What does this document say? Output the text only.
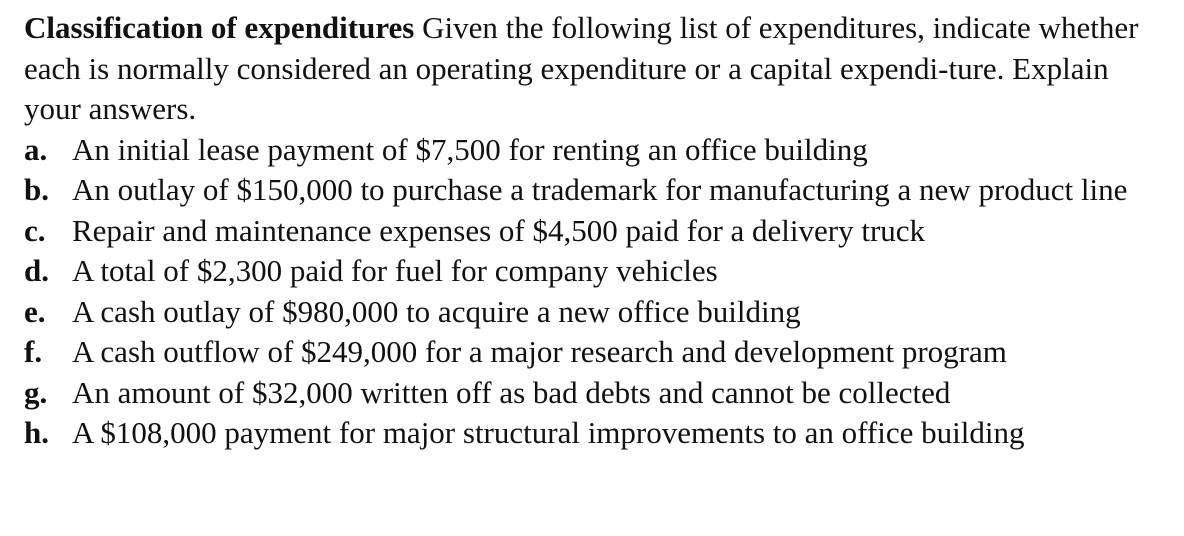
Classification of expenditures Given the following list of expenditures, indicate whether each is normally considered an operating expenditure or a capital expendi-ture. Explain your answers.

a. An initial lease payment of $7,500 for renting an office building
b. An outlay of $150,000 to purchase a trademark for manufacturing a new product line
c. Repair and maintenance expenses of $4,500 paid for a delivery truck
d. A total of $2,300 paid for fuel for company vehicles
e. A cash outlay of $980,000 to acquire a new office building
f. A cash outflow of $249,000 for a major research and development program
g. An amount of $32,000 written off as bad debts and cannot be collected
h. A $108,000 payment for major structural improvements to an office building
